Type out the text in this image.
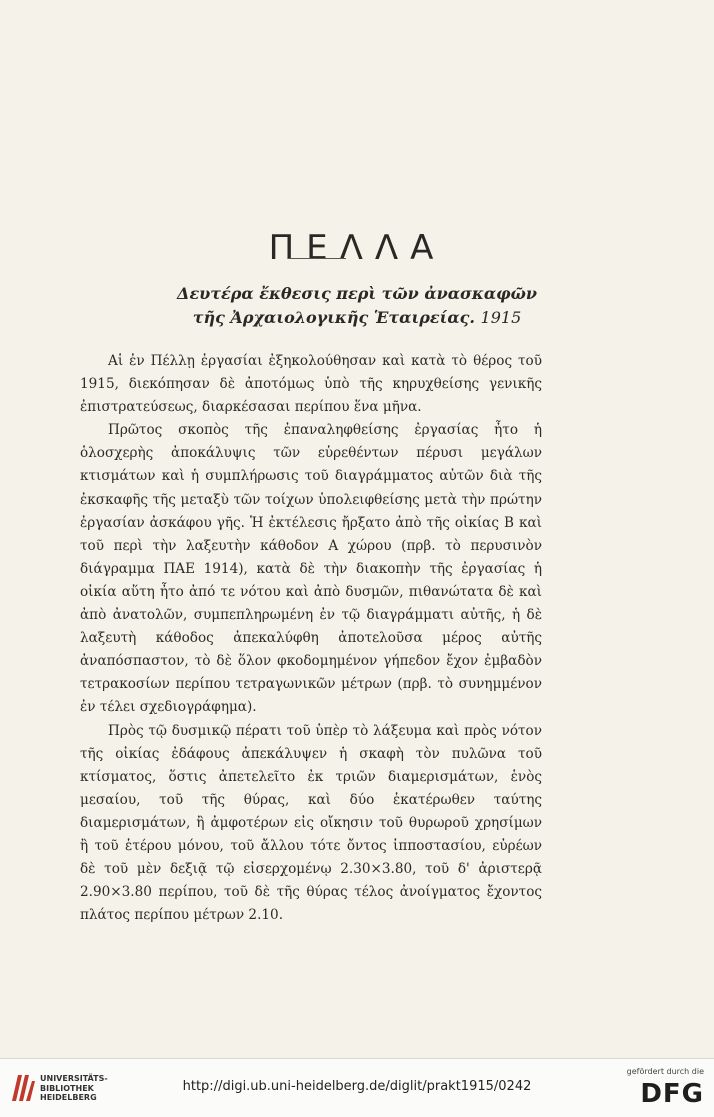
ΠΕΛΛΑ
Δευτέρα ἔκθεσις περὶ τῶν ἀνασκαφῶν
τῆς Ἀρχαιολογικῆς Ἑταιρείας. 1915

Αἱ ἐν Πέλλῃ ἐργασίαι ἐξηκολούθησαν καὶ κατὰ τὸ θέρος τοῦ 1915, διεκόπησαν δὲ ἀποτόμως ὑπὸ τῆς κηρυχθείσης γενικῆς ἐπιστρατεύσεως, διαρκέσασαι περίπου ἕνα μῆνα.

Πρῶτος σκοπὸς τῆς ἐπαναληφθείσης ἐργασίας ἦτο ἡ ὁλοσχερὴς ἀποκάλυψις τῶν εὑρεθέντων πέρυσι μεγάλων κτισμάτων καὶ ἡ συμπλήρωσις τοῦ διαγράμματος αὐτῶν διὰ τῆς ἐκσκαφῆς τῆς μεταξὺ τῶν τοίχων ὑπολειφθείσης μετὰ τὴν πρώτην ἐργασίαν ἀσκάφου γῆς. Ἡ ἐκτέλεσις ἤρξατο ἀπὸ τῆς οἰκίας Β καὶ τοῦ περὶ τὴν λαξευτὴν κάθοδον Α χώρου (πρβ. τὸ περυσινὸν διάγραμμα ΠΑΕ 1914), κατὰ δὲ τὴν διακοπὴν τῆς ἐργασίας ἡ οἰκία αὕτη ἦτο ἀπό τε νότου καὶ ἀπὸ δυσμῶν, πιθανώτατα δὲ καὶ ἀπὸ ἀνατολῶν, συμπεπληρωμένη ἐν τῷ διαγράμματι αὐτῆς, ἡ δὲ λαξευτὴ κάθοδος ἀπεκαλύφθη ἀποτελοῦσα μέρος αὐτῆς ἀναπόσπαστον, τὸ δὲ ὅλον φκοδομημένον γήπεδον ἔχον ἐμβαδὸν τετρακοσίων περίπου τετραγωνικῶν μέτρων (πρβ. τὸ συνημμένον ἐν τέλει σχεδιογράφημα).

Πρὸς τῷ δυσμικῷ πέρατι τοῦ ὑπὲρ τὸ λάξευμα καὶ πρὸς νότον τῆς οἰκίας ἐδάφους ἀπεκάλυψεν ἡ σκαφὴ τὸν πυλῶνα τοῦ κτίσματος, ὅστις ἀπετελεῖτο ἐκ τριῶν διαμερισμάτων, ἑνὸς μεσαίου, τοῦ τῆς θύρας, καὶ δύο ἑκατέρωθεν ταύτης διαμερισμάτων, ἢ ἀμφοτέρων εἰς οἴκησιν τοῦ θυρωροῦ χρησίμων ἢ τοῦ ἑτέρου μόνου, τοῦ ἄλλου τότε ὄντος ἱπποστασίου, εὐρέων δὲ τοῦ μὲν δεξιᾷ τῷ εἰσερχομένῳ 2.30×3.80, τοῦ δ' ἀριστερᾷ 2.90×3.80 περίπου, τοῦ δὲ τῆς θύρας τέλος ἀνοίγματος ἔχοντος πλάτος περίπου μέτρων 2.10.

UNIVERSITÄTS-
BIBLIOTHEK
HEIDELBERG
http://digi.ub.uni-heidelberg.de/diglit/prakt1915/0242
gefördert durch die
DFG
